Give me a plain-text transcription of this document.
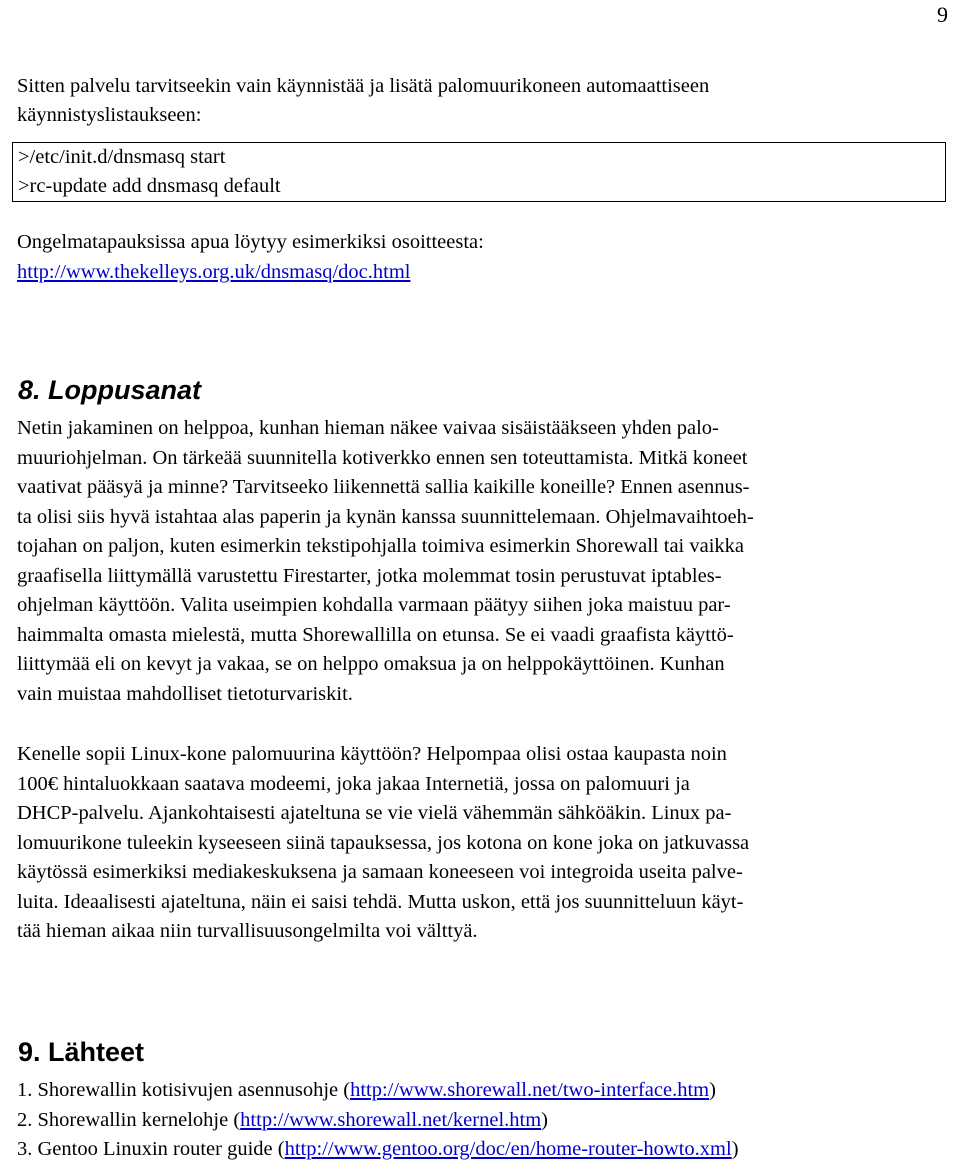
9
Sitten palvelu tarvitseekin vain käynnistää ja lisätä palomuurikoneen automaattiseen
käynnistyslistaukseen:
>/etc/init.d/dnsmasq start
>rc-update add dnsmasq default
Ongelmatapauksissa apua löytyy esimerkiksi osoitteesta:
http://www.thekelleys.org.uk/dnsmasq/doc.html
8. Loppusanat
Netin jakaminen on helppoa, kunhan hieman näkee vaivaa sisäistääkseen yhden palo-
muuriohjelman. On tärkeää suunnitella kotiverkko ennen sen toteuttamista. Mitkä koneet
vaativat pääsyä ja minne? Tarvitseeko liikennettä sallia kaikille koneille? Ennen asennus-
ta olisi siis hyvä istahtaa alas paperin ja kynän kanssa suunnittelemaan. Ohjelmavaihtoeh-
tojahan on paljon, kuten esimerkin tekstipohjalla toimiva esimerkin Shorewall tai vaikka
graafisella liittymällä varustettu Firestarter, jotka molemmat tosin perustuvat iptables-
ohjelman käyttöön. Valita useimpien kohdalla varmaan päätyy siihen joka maistuu par-
haimmalta omasta mielestä, mutta Shorewallilla on etunsa. Se ei vaadi graafista käyttö-
liittymää eli on kevyt ja vakaa, se on helppo omaksua ja on helppokäyttöinen. Kunhan
vain muistaa mahdolliset tietoturvariskit.
Kenelle sopii Linux-kone palomuurina käyttöön? Helpompaa olisi ostaa kaupasta noin
100€ hintaluokkaan saatava modeemi, joka jakaa Internetiä, jossa on palomuuri ja
DHCP-palvelu. Ajankohtaisesti ajateltuna se vie vielä vähemmän sähköäkin. Linux pa-
lomuurikone tuleekin kyseeseen siinä tapauksessa, jos kotona on kone joka on jatkuvassa
käytössä esimerkiksi mediakeskuksena ja samaan koneeseen voi integroida useita palve-
luita. Ideaalisesti ajateltuna, näin ei saisi tehdä. Mutta uskon, että jos suunnitteluun käyt-
tää hieman aikaa niin turvallisuusongelmilta voi välttyä.
9. Lähteet
1. Shorewallin kotisivujen asennusohje (http://www.shorewall.net/two-interface.htm)
2. Shorewallin kernelohje (http://www.shorewall.net/kernel.htm)
3. Gentoo Linuxin router guide (http://www.gentoo.org/doc/en/home-router-howto.xml)
